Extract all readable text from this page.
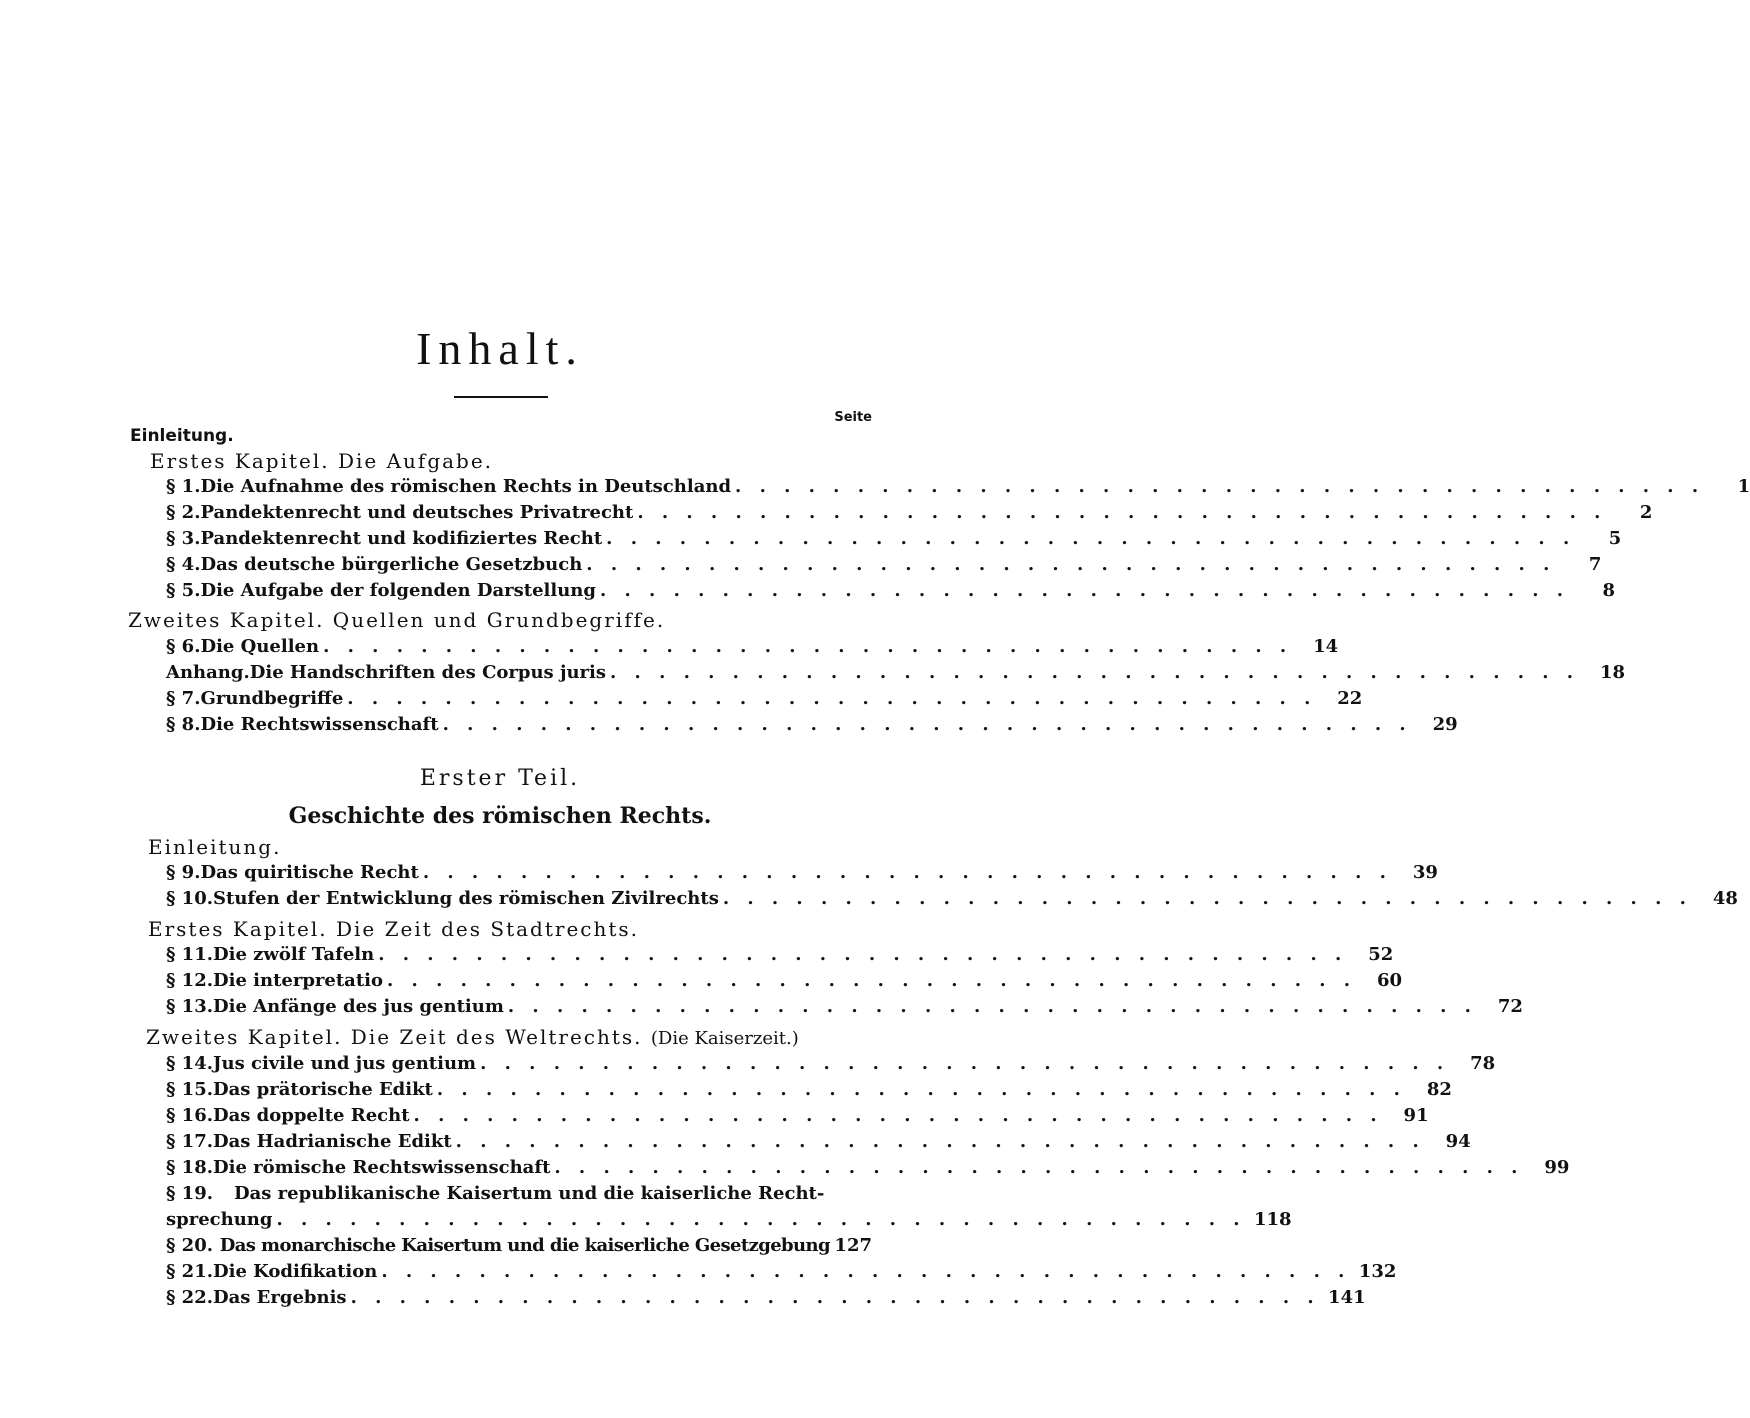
Inhalt.
Seite
Einleitung.
Erstes Kapitel. Die Aufgabe.
§ 1. Die Aufnahme des römischen Rechts in Deutschland . . . . . . . . . . . . . . . . . . . . . . . . . . . . . . . . . . . . . . . .	1
§ 2. Pandektenrecht und deutsches Privatrecht . . . . . . . . . . . . . . . . . . . . . . . . . . . . . . . . . . . . . . . .	2
§ 3. Pandektenrecht und kodifiziertes Recht . . . . . . . . . . . . . . . . . . . . . . . . . . . . . . . . . . . . . . . .	5
§ 4. Das deutsche bürgerliche Gesetzbuch . . . . . . . . . . . . . . . . . . . . . . . . . . . . . . . . . . . . . . . .	7
§ 5. Die Aufgabe der folgenden Darstellung . . . . . . . . . . . . . . . . . . . . . . . . . . . . . . . . . . . . . . . .	8
Zweites Kapitel. Quellen und Grundbegriffe.
§ 6. Die Quellen . . . . . . . . . . . . . . . . . . . . . . . . . . . . . . . . . . . . . . . .	14
Anhang. Die Handschriften des Corpus juris . . . . . . . . . . . . . . . . . . . . . . . . . . . . . . . . . . . . . . . .	18
§ 7. Grundbegriffe . . . . . . . . . . . . . . . . . . . . . . . . . . . . . . . . . . . . . . . .	22
§ 8. Die Rechtswissenschaft . . . . . . . . . . . . . . . . . . . . . . . . . . . . . . . . . . . . . . . .	29
Erster Teil.
Geschichte des römischen Rechts.
Einleitung.
§ 9. Das quiritische Recht . . . . . . . . . . . . . . . . . . . . . . . . . . . . . . . . . . . . . . . .	39
§ 10. Stufen der Entwicklung des römischen Zivilrechts . . . . . . . . . . . . . . . . . . . . . . . . . . . . . . . . . . . . . . . .	48
Erstes Kapitel. Die Zeit des Stadtrechts.
§ 11. Die zwölf Tafeln . . . . . . . . . . . . . . . . . . . . . . . . . . . . . . . . . . . . . . . .	52
§ 12. Die interpretatio . . . . . . . . . . . . . . . . . . . . . . . . . . . . . . . . . . . . . . . .	60
§ 13. Die Anfänge des jus gentium . . . . . . . . . . . . . . . . . . . . . . . . . . . . . . . . . . . . . . . .	72
Zweites Kapitel. Die Zeit des Weltrechts. (Die Kaiserzeit.)
§ 14. Jus civile und jus gentium . . . . . . . . . . . . . . . . . . . . . . . . . . . . . . . . . . . . . . . .	78
§ 15. Das prätorische Edikt . . . . . . . . . . . . . . . . . . . . . . . . . . . . . . . . . . . . . . . .	82
§ 16. Das doppelte Recht . . . . . . . . . . . . . . . . . . . . . . . . . . . . . . . . . . . . . . . .	91
§ 17. Das Hadrianische Edikt . . . . . . . . . . . . . . . . . . . . . . . . . . . . . . . . . . . . . . . .	94
§ 18. Die römische Rechtswissenschaft . . . . . . . . . . . . . . . . . . . . . . . . . . . . . . . . . . . . . . . .	99
§ 19.	Das republikanische Kaisertum und die kaiserliche Recht-
sprechung . . . . . . . . . . . . . . . . . . . . . . . . . . . . . . . . . . . . . . . . 118
§ 20. Das monarchische Kaisertum und die kaiserliche Gesetzgebung 127
§ 21. Die Kodifikation . . . . . . . . . . . . . . . . . . . . . . . . . . . . . . . . . . . . . . . . 132
§ 22. Das Ergebnis . . . . . . . . . . . . . . . . . . . . . . . . . . . . . . . . . . . . . . . . 141
